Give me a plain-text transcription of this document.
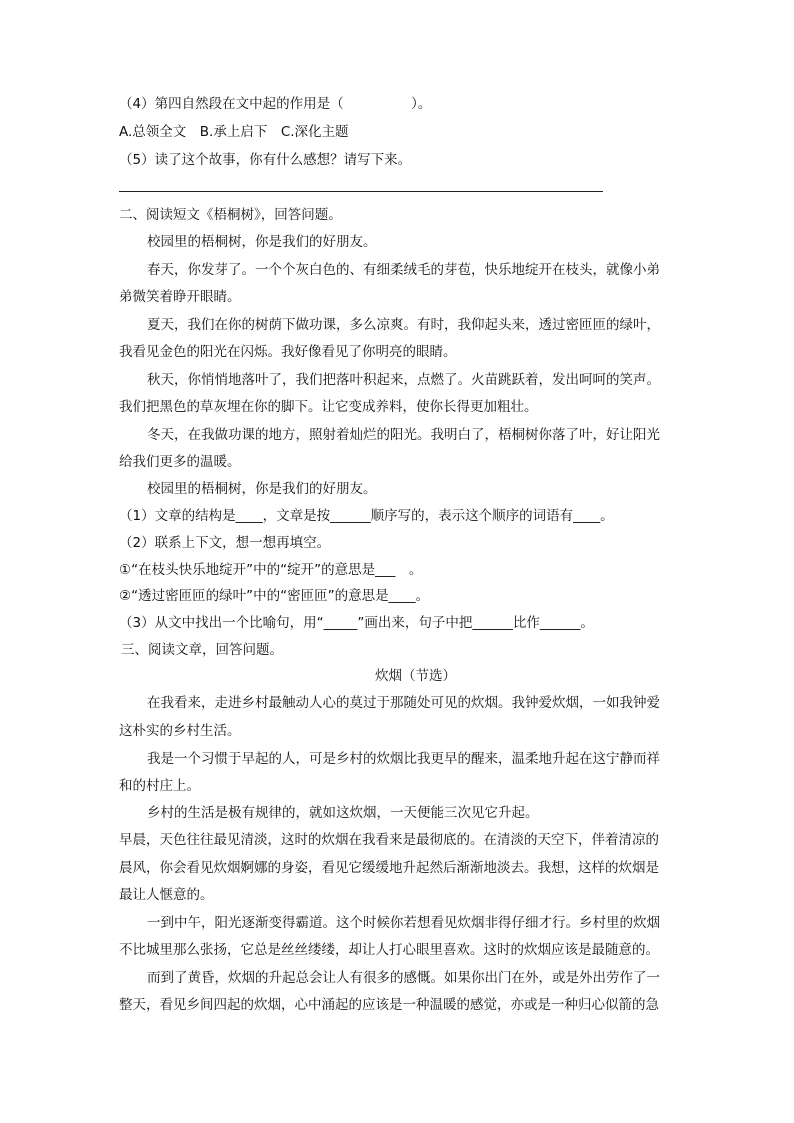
（4）第四自然段在文中起的作用是（　　　　　）。
A.总领全文　B.承上启下　C.深化主题
（5）读了这个故事，你有什么感想？请写下来。
二、阅读短文《梧桐树》，回答问题。
校园里的梧桐树，你是我们的好朋友。
春天，你发芽了。一个个灰白色的、有细柔绒毛的芽苞，快乐地绽开在枝头，就像小弟
弟微笑着睁开眼睛。
夏天，我们在你的树荫下做功课，多么凉爽。有时，我仰起头来，透过密匝匝的绿叶，
我看见金色的阳光在闪烁。我好像看见了你明亮的眼睛。
秋天，你悄悄地落叶了，我们把落叶积起来，点燃了。火苗跳跃着，发出呵呵的笑声。
我们把黑色的草灰埋在你的脚下。让它变成养料，使你长得更加粗壮。
冬天，在我做功课的地方，照射着灿烂的阳光。我明白了，梧桐树你落了叶，好让阳光
给我们更多的温暖。
校园里的梧桐树，你是我们的好朋友。
（1）文章的结构是____，文章是按______顺序写的，表示这个顺序的词语有____。
（2）联系上下文，想一想再填空。
①“在枝头快乐地绽开”中的“绽开”的意思是___　。
②“透过密匝匝的绿叶”中的“密匝匝”的意思是____。
（3）从文中找出一个比喻句，用“_____”画出来，句子中把______比作______。
三、阅读文章，回答问题。
炊烟（节选）
在我看来，走进乡村最触动人心的莫过于那随处可见的炊烟。我钟爱炊烟，一如我钟爱
这朴实的乡村生活。
我是一个习惯于早起的人，可是乡村的炊烟比我更早的醒来，温柔地升起在这宁静而祥
和的村庄上。
乡村的生活是极有规律的，就如这炊烟，一天便能三次见它升起。
早晨，天色往往最见清淡，这时的炊烟在我看来是最彻底的。在清淡的天空下，伴着清凉的
晨风，你会看见炊烟婀娜的身姿，看见它缓缓地升起然后渐渐地淡去。我想，这样的炊烟是
最让人惬意的。
一到中午，阳光逐渐变得霸道。这个时候你若想看见炊烟非得仔细才行。乡村里的炊烟
不比城里那么张扬，它总是丝丝缕缕，却让人打心眼里喜欢。这时的炊烟应该是最随意的。
而到了黄昏，炊烟的升起总会让人有很多的感慨。如果你出门在外，或是外出劳作了一
整天，看见乡间四起的炊烟，心中涌起的应该是一种温暖的感觉，亦或是一种归心似箭的急
